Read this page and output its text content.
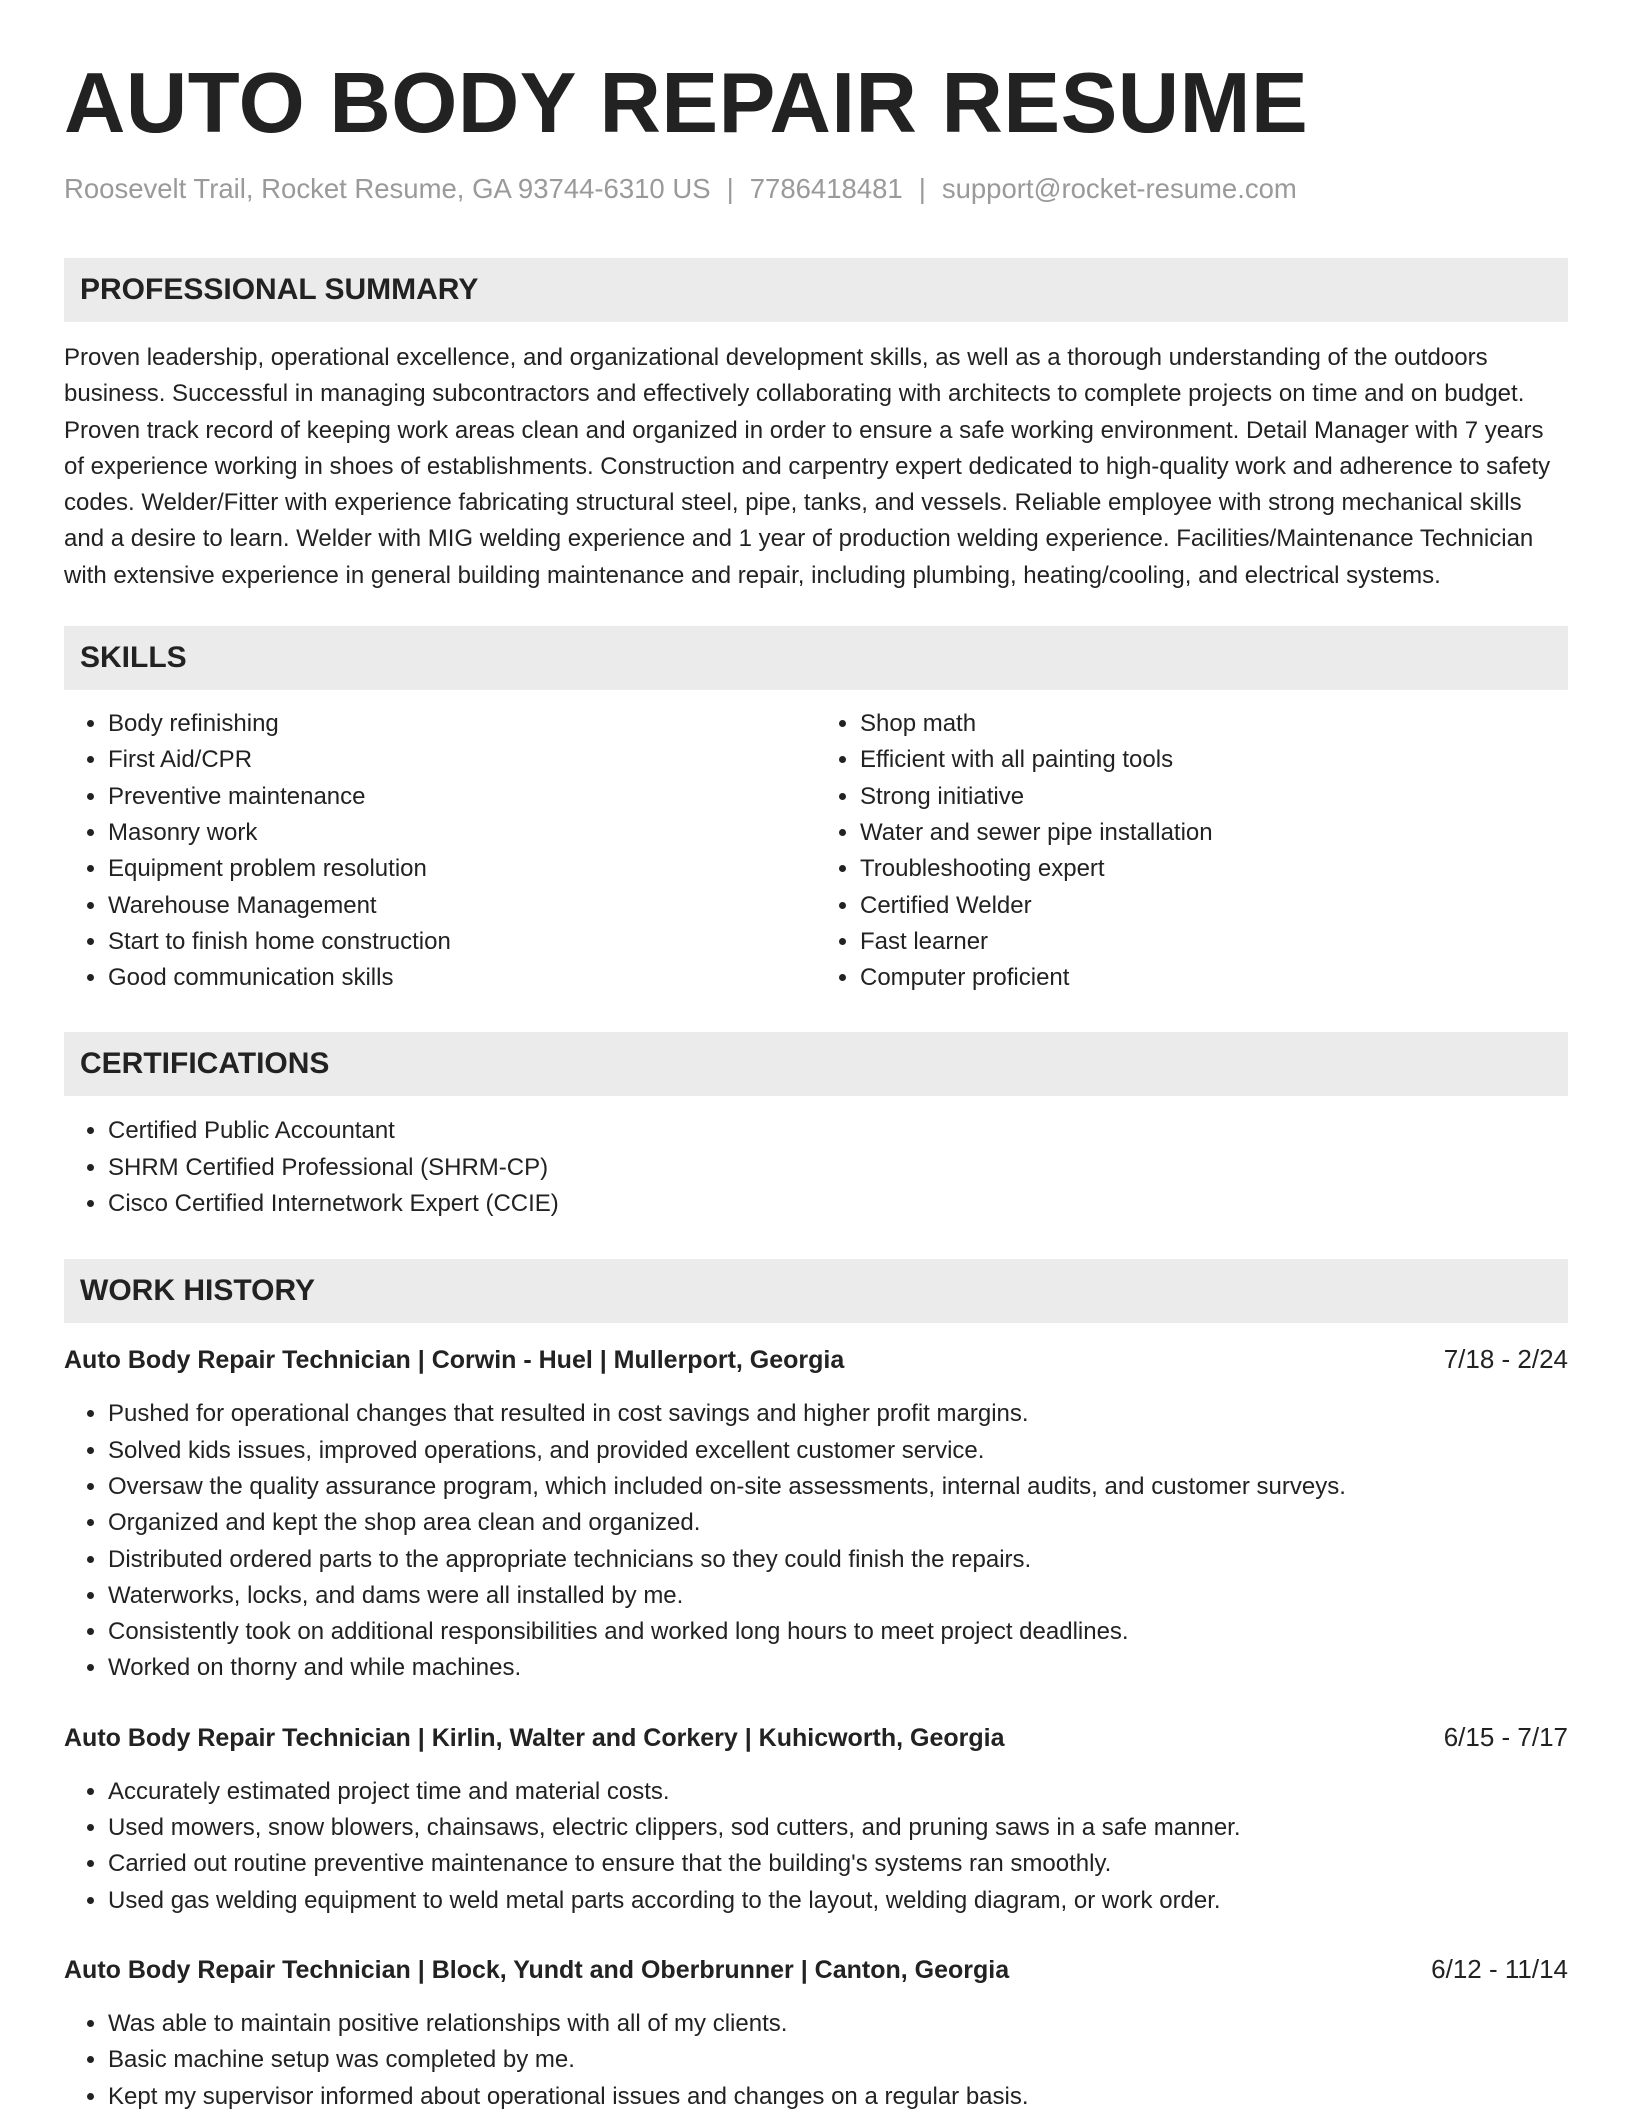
AUTO BODY REPAIR RESUME
Roosevelt Trail, Rocket Resume, GA 93744-6310 US | 7786418481 | support@rocket-resume.com
PROFESSIONAL SUMMARY

Proven leadership, operational excellence, and organizational development skills, as well as a thorough understanding of the outdoors business. Successful in managing subcontractors and effectively collaborating with architects to complete projects on time and on budget. Proven track record of keeping work areas clean and organized in order to ensure a safe working environment. Detail Manager with 7 years of experience working in shoes of establishments. Construction and carpentry expert dedicated to high-quality work and adherence to safety codes. Welder/Fitter with experience fabricating structural steel, pipe, tanks, and vessels. Reliable employee with strong mechanical skills and a desire to learn. Welder with MIG welding experience and 1 year of production welding experience. Facilities/Maintenance Technician with extensive experience in general building maintenance and repair, including plumbing, heating/cooling, and electrical systems.

SKILLS
• Body refinishing
• First Aid/CPR
• Preventive maintenance
• Masonry work
• Equipment problem resolution
• Warehouse Management
• Start to finish home construction
• Good communication skills
• Shop math
• Efficient with all painting tools
• Strong initiative
• Water and sewer pipe installation
• Troubleshooting expert
• Certified Welder
• Fast learner
• Computer proficient
CERTIFICATIONS
• Certified Public Accountant
• SHRM Certified Professional (SHRM-CP)
• Cisco Certified Internetwork Expert (CCIE)
WORK HISTORY
Auto Body Repair Technician | Corwin - Huel | Mullerport, Georgia	7/18 - 2/24
• Pushed for operational changes that resulted in cost savings and higher profit margins.
• Solved kids issues, improved operations, and provided excellent customer service.
• Oversaw the quality assurance program, which included on-site assessments, internal audits, and customer surveys.
• Organized and kept the shop area clean and organized.
• Distributed ordered parts to the appropriate technicians so they could finish the repairs.
• Waterworks, locks, and dams were all installed by me.
• Consistently took on additional responsibilities and worked long hours to meet project deadlines.
• Worked on thorny and while machines.
Auto Body Repair Technician | Kirlin, Walter and Corkery | Kuhicworth, Georgia	6/15 - 7/17
• Accurately estimated project time and material costs.
• Used mowers, snow blowers, chainsaws, electric clippers, sod cutters, and pruning saws in a safe manner.
• Carried out routine preventive maintenance to ensure that the building's systems ran smoothly.
• Used gas welding equipment to weld metal parts according to the layout, welding diagram, or work order.
Auto Body Repair Technician | Block, Yundt and Oberbrunner | Canton, Georgia	6/12 - 11/14
• Was able to maintain positive relationships with all of my clients.
• Basic machine setup was completed by me.
• Kept my supervisor informed about operational issues and changes on a regular basis.
